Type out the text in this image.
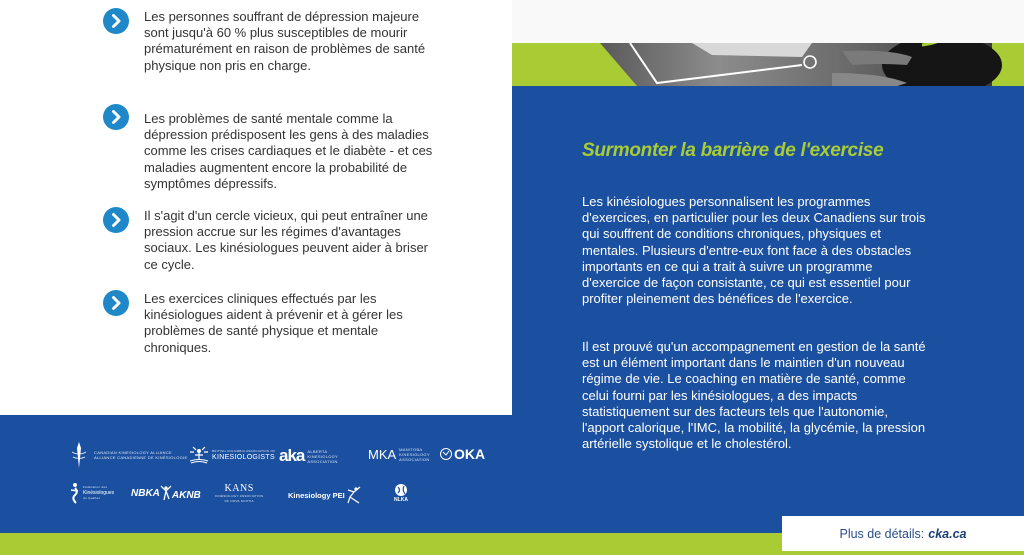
Les personnes souffrant de dépression majeure sont jusqu'à 60 % plus susceptibles de mourir prématurément en raison de problèmes de santé physique non pris en charge.
Les problèmes de santé mentale comme la dépression prédisposent les gens à des maladies comme les crises cardiaques et le diabète - et ces maladies augmentent encore la probabilité de symptômes dépressifs.
Il s'agit d'un cercle vicieux, qui peut entraîner une pression accrue sur les régimes d'avantages sociaux. Les kinésiologues peuvent aider à briser ce cycle.
Les exercices cliniques effectués par les kinésiologues aident à prévenir et à gérer les problèmes de santé physique et mentale chroniques.
Surmonter la barrière de l'exercise
Les kinésiologues personnalisent les programmes d'exercices, en particulier pour les deux Canadiens sur trois qui souffrent de conditions chroniques, physiques et mentales. Plusieurs d'entre-eux font face à des obstacles importants en ce qui a trait à suivre un programme d'exercice de façon consistante, ce qui est essentiel pour profiter pleinement des bénéfices de l'exercice.
Il est prouvé qu'un accompagnement en gestion de la santé est un élément important dans le maintien d'un nouveau régime de vie. Le coaching en matière de santé, comme celui fourni par les kinésiologues, a des impacts statistiquement sur des facteurs tels que l'autonomie, l'apport calorique, l'IMC, la mobilité, la glycémie, la pression artérielle systolique et le cholestérol.
CANADIAN KINESIOLOGY ALLIANCE
ALLIANCE CANADIENNE DE KINÉSIOLOGIE
BRITISH COLUMBIA ASSOCIATION OF
KINESIOLOGISTS aka ALBERTA
KINESIOLOGY
ASSOCIATION MKA MANITOBA
KINESIOLOGY
ASSOCIATION OKA
Fédération des
Kinésiologues
du Québec	NBKA AKNB
KANS
KINESIOLOGY ASSOCIATION
OF NOVA SCOTIA
Kinesiology PEI
NLKA
Plus de détails: cka.ca
